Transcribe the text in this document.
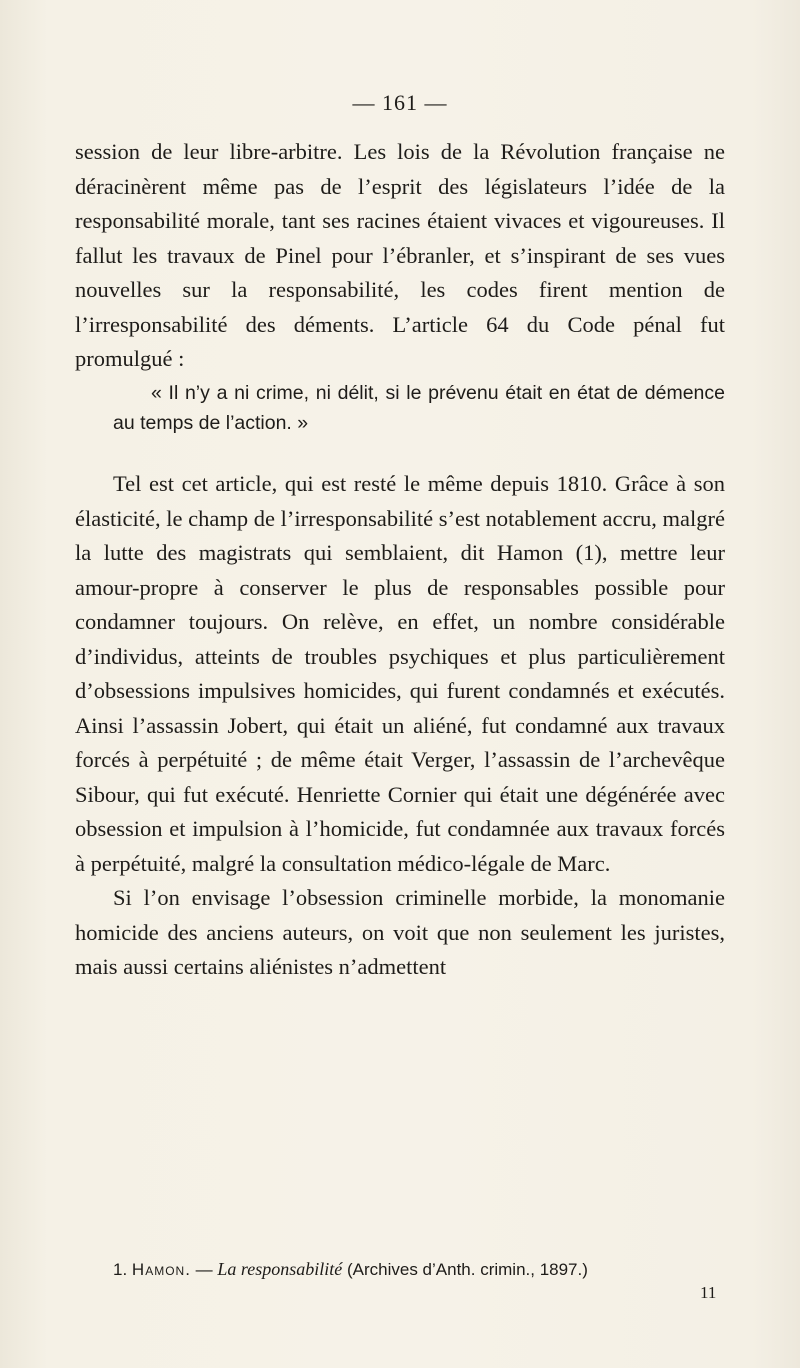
— 161 —

session de leur libre-arbitre. Les lois de la Révolution française ne déracinèrent même pas de l’esprit des législateurs l’idée de la responsabilité morale, tant ses racines étaient vivaces et vigoureuses. Il fallut les travaux de Pinel pour l’ébranler, et s’inspirant de ses vues nouvelles sur la responsabilité, les codes firent mention de l’irresponsabilité des déments. L’article 64 du Code pénal fut promulgué :

« Il n’y a ni crime, ni délit, si le prévenu était en état de démence au temps de l’action. »

Tel est cet article, qui est resté le même depuis 1810. Grâce à son élasticité, le champ de l’irresponsabilité s’est notablement accru, malgré la lutte des magistrats qui semblaient, dit Hamon (1), mettre leur amour-propre à conserver le plus de responsables possible pour condamner toujours. On relève, en effet, un nombre considérable d’individus, atteints de troubles psychiques et plus particulièrement d’obsessions impulsives homicides, qui furent condamnés et exécutés. Ainsi l’assassin Jobert, qui était un aliéné, fut condamné aux travaux forcés à perpétuité ; de même était Verger, l’assassin de l’archevêque Sibour, qui fut exécuté. Henriette Cornier qui était une dégénérée avec obsession et impulsion à l’homicide, fut condamnée aux travaux forcés à perpétuité, malgré la consultation médico-légale de Marc.

Si l’on envisage l’obsession criminelle morbide, la monomanie homicide des anciens auteurs, on voit que non seulement les juristes, mais aussi certains aliénistes n’admettent

1. Hamon. — La responsabilité (Archives d’Anth. crimin., 1897.)
11
